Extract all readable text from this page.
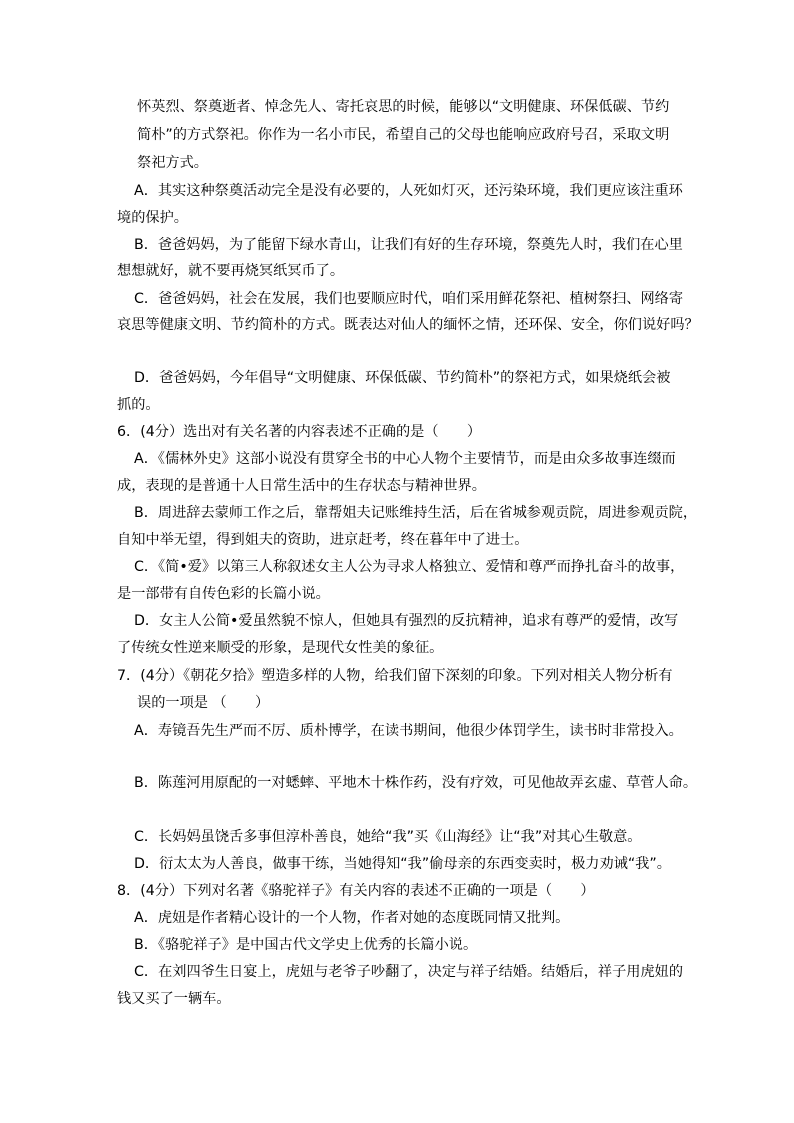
怀英烈、祭奠逝者、悼念先人、寄托哀思的时候，能够以“文明健康、环保低碳、节约
简朴”的方式祭祀。你作为一名小市民，希望自己的父母也能响应政府号召，采取文明
祭祀方式。
A．其实这种祭奠活动完全是没有必要的，人死如灯灭，还污染环境，我们更应该注重环
境的保护。
B．爸爸妈妈，为了能留下绿水青山，让我们有好的生存环境，祭奠先人时，我们在心里
想想就好，就不要再烧冥纸冥币了。
C．爸爸妈妈，社会在发展，我们也要顺应时代，咱们采用鲜花祭祀、植树祭扫、网络寄
哀思等健康文明、节约简朴的方式。既表达对仙人的缅怀之情，还环保、安全，你们说好吗？
D．爸爸妈妈，今年倡导“文明健康、环保低碳、节约简朴”的祭祀方式，如果烧纸会被
抓的。
6．(4分）选出对有关名著的内容表述不正确的是（　　）
A．《儒林外史》这部小说没有贯穿全书的中心人物个主要情节，而是由众多故事连缀而
成，表现的是普通十人日常生活中的生存状态与精神世界。
B．周进辞去蒙师工作之后，靠帮姐夫记账维持生活，后在省城参观贡院，周进参观贡院，
自知中举无望，得到姐夫的资助，进京赶考，终在暮年中了进士。
C．《简•爱》以第三人称叙述女主人公为寻求人格独立、爱情和尊严而挣扎奋斗的故事，
是一部带有自传色彩的长篇小说。
D．女主人公简•爱虽然貌不惊人，但她具有强烈的反抗精神，追求有尊严的爱情，改写
了传统女性逆来顺受的形象，是现代女性美的象征。
7．(4分）《朝花夕拾》塑造多样的人物，给我们留下深刻的印象。下列对相关人物分析有
误的一项是 （　　）
A．寿镜吾先生严而不厉、质朴博学，在读书期间，他很少体罚学生，读书时非常投入。
B．陈莲河用原配的一对蟋蟀、平地木十株作药，没有疗效，可见他故弄玄虚、草菅人命。
C．长妈妈虽饶舌多事但淳朴善良，她给“我”买《山海经》让“我”对其心生敬意。
D．衍太太为人善良，做事干练，当她得知“我”偷母亲的东西变卖时，极力劝诫“我”。
8．(4分）下列对名著《骆驼祥子》有关内容的表述不正确的一项是（　　）
A．虎妞是作者精心设计的一个人物，作者对她的态度既同情又批判。
B．《骆驼祥子》是中国古代文学史上优秀的长篇小说。
C．在刘四爷生日宴上，虎妞与老爷子吵翻了，决定与祥子结婚。结婚后，祥子用虎妞的
钱又买了一辆车。
